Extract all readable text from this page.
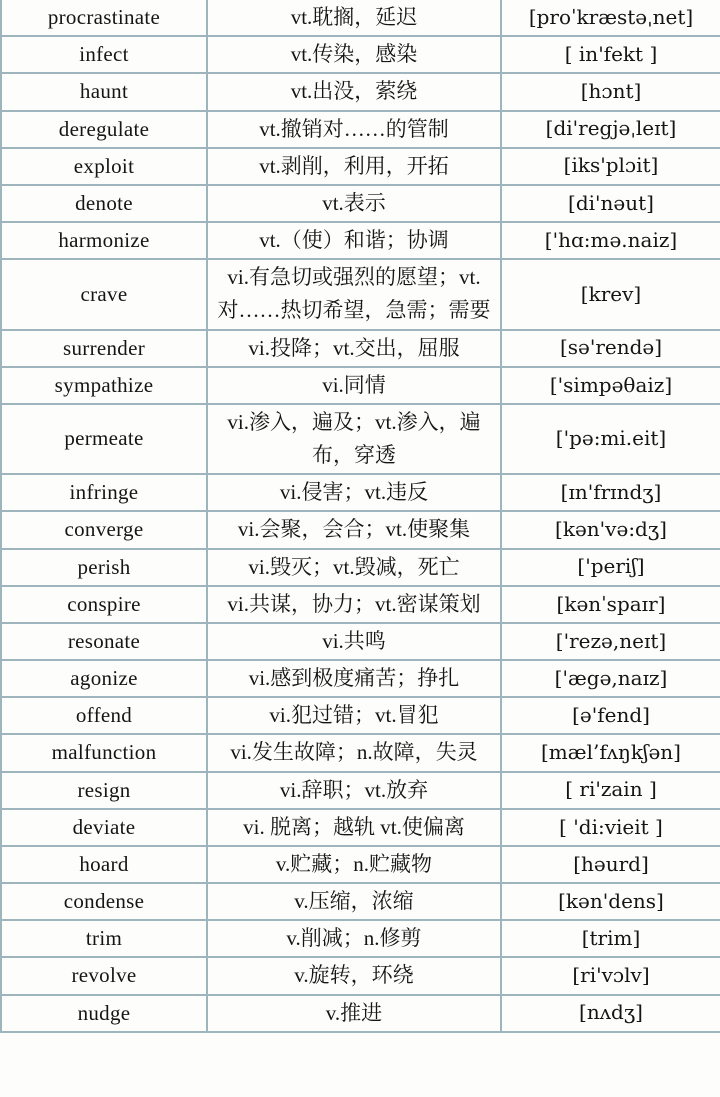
procrastinate	vt.耽搁，延迟	[proˈkræstəˌnet]
infect	vt.传染，感染	[ in'fekt ]
haunt	vt.出没，萦绕	[hɔnt]
deregulate	vt.撤销对……的管制	[di'regjəˌleɪt]
exploit	vt.剥削，利用，开拓	[iks'plɔit]
denote	vt.表示	[di'nəut]
harmonize	vt.（使）和谐；协调	['hɑ:mə.naiz]
crave	vi.有急切或强烈的愿望；vt.对……热切希望，急需；需要	[krev]
surrender	vi.投降；vt.交出，屈服	[sə'rendə]
sympathize	vi.同情	['simpəθaiz]
permeate	vi.渗入，遍及；vt.渗入，遍布，穿透	['pə:mi.eit]
infringe	vi.侵害；vt.违反	[ɪn'frɪndʒ]
converge	vi.会聚，会合；vt.使聚集	[kən'və:dʒ]
perish	vi.毁灭；vt.毁减，死亡	['periʃ]
conspire	vi.共谋，协力；vt.密谋策划	[kənˈspaɪr]
resonate	vi.共鸣	['rezə,neɪt]
agonize	vi.感到极度痛苦；挣扎	['ægə,naɪz]
offend	vi.犯过错；vt.冒犯	[ə'fend]
malfunction	vi.发生故障；n.故障，失灵	[mæl’fʌŋkʃən]
resign	vi.辞职；vt.放弃	[ ri'zain ]
deviate	vi. 脱离；越轨 vt.使偏离	[ 'di:vieit ]
hoard	v.贮藏；n.贮藏物	[həurd]
condense	v.压缩，浓缩	[kən'dens]
trim	v.削减；n.修剪	[trim]
revolve	v.旋转，环绕	[ri'vɔlv]
nudge	v.推进	[nʌdʒ]
